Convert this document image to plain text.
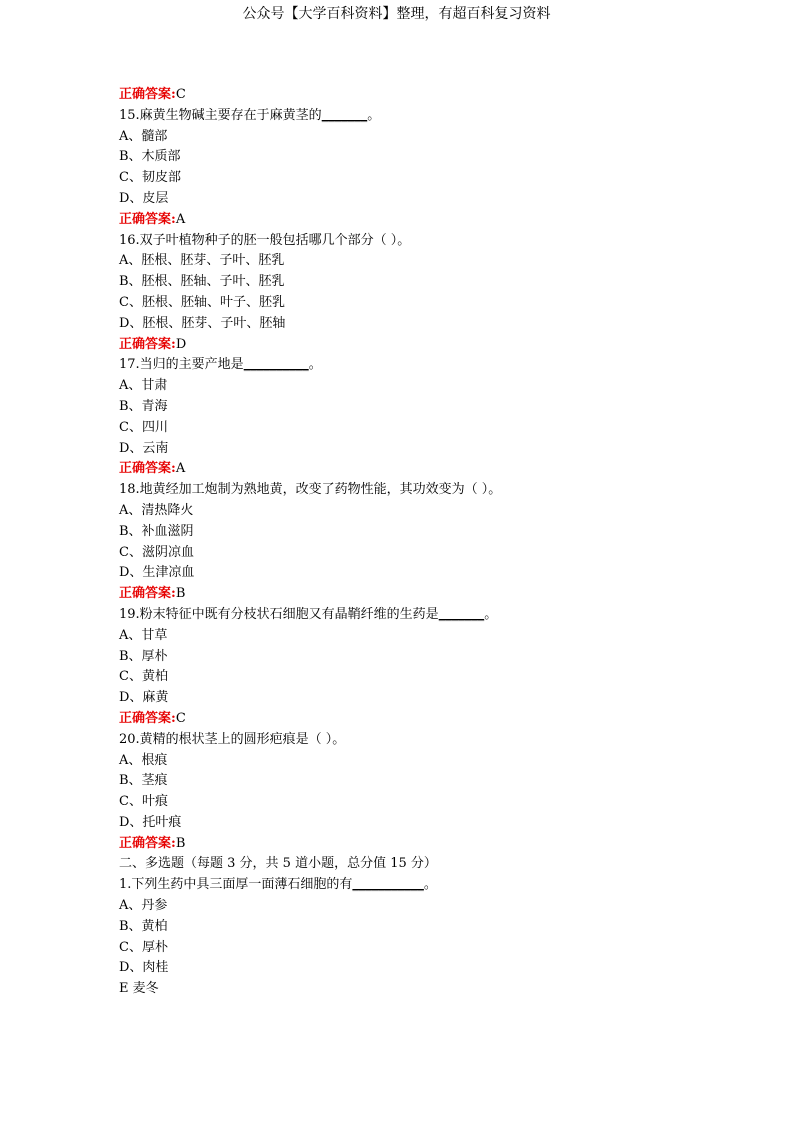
公众号【大学百科资料】整理，有超百科复习资料
正确答案:C
15.麻黄生物碱主要存在于麻黄茎的_______。
A、髓部
B、木质部
C、韧皮部
D、皮层
正确答案:A
16.双子叶植物种子的胚一般包括哪几个部分（ ）。
A、胚根、胚芽、子叶、胚乳
B、胚根、胚轴、子叶、胚乳
C、胚根、胚轴、叶子、胚乳
D、胚根、胚芽、子叶、胚轴
正确答案:D
17.当归的主要产地是__________。
A、甘肃
B、青海
C、四川
D、云南
正确答案:A
18.地黄经加工炮制为熟地黄，改变了药物性能，其功效变为（ ）。
A、清热降火
B、补血滋阴
C、滋阴凉血
D、生津凉血
正确答案:B
19.粉末特征中既有分枝状石细胞又有晶鞘纤维的生药是_______。
A、甘草
B、厚朴
C、黄柏
D、麻黄
正确答案:C
20.黄精的根状茎上的圆形疤痕是（ ）。
A、根痕
B、茎痕
C、叶痕
D、托叶痕
正确答案:B
二、多选题（每题 3 分，共 5 道小题，总分值 15 分）
1.下列生药中具三面厚一面薄石细胞的有___________。
A、丹参
B、黄柏
C、厚朴
D、肉桂
E 麦冬
